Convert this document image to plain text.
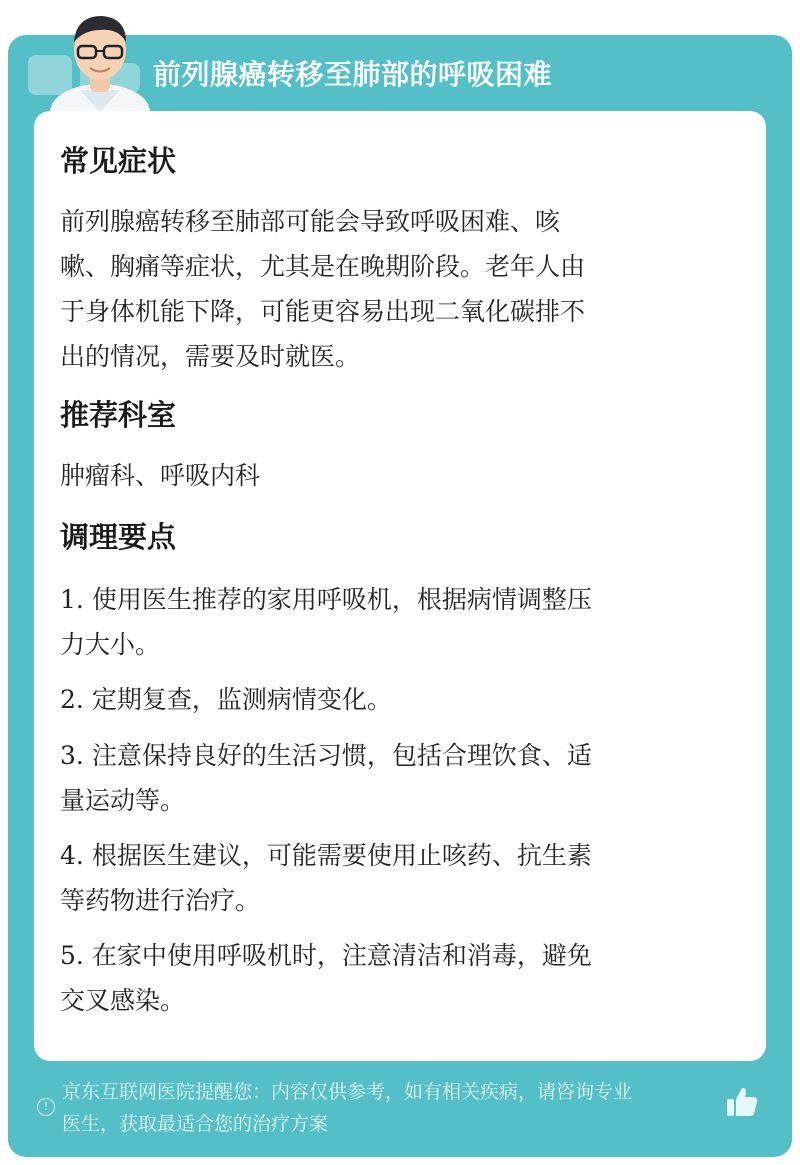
前列腺癌转移至肺部的呼吸困难
常见症状
前列腺癌转移至肺部可能会导致呼吸困难、咳
嗽、胸痛等症状，尤其是在晚期阶段。老年人由
于身体机能下降，可能更容易出现二氧化碳排不
出的情况，需要及时就医。
推荐科室
肿瘤科、呼吸内科
调理要点
1. 使用医生推荐的家用呼吸机，根据病情调整压
力大小。
2. 定期复查，监测病情变化。
3. 注意保持良好的生活习惯，包括合理饮食、适
量运动等。
4. 根据医生建议，可能需要使用止咳药、抗生素
等药物进行治疗。
5. 在家中使用呼吸机时，注意清洁和消毒，避免
交叉感染。
!
京东互联网医院提醒您：内容仅供参考，如有相关疾病，请咨询专业
医生，获取最适合您的治疗方案
